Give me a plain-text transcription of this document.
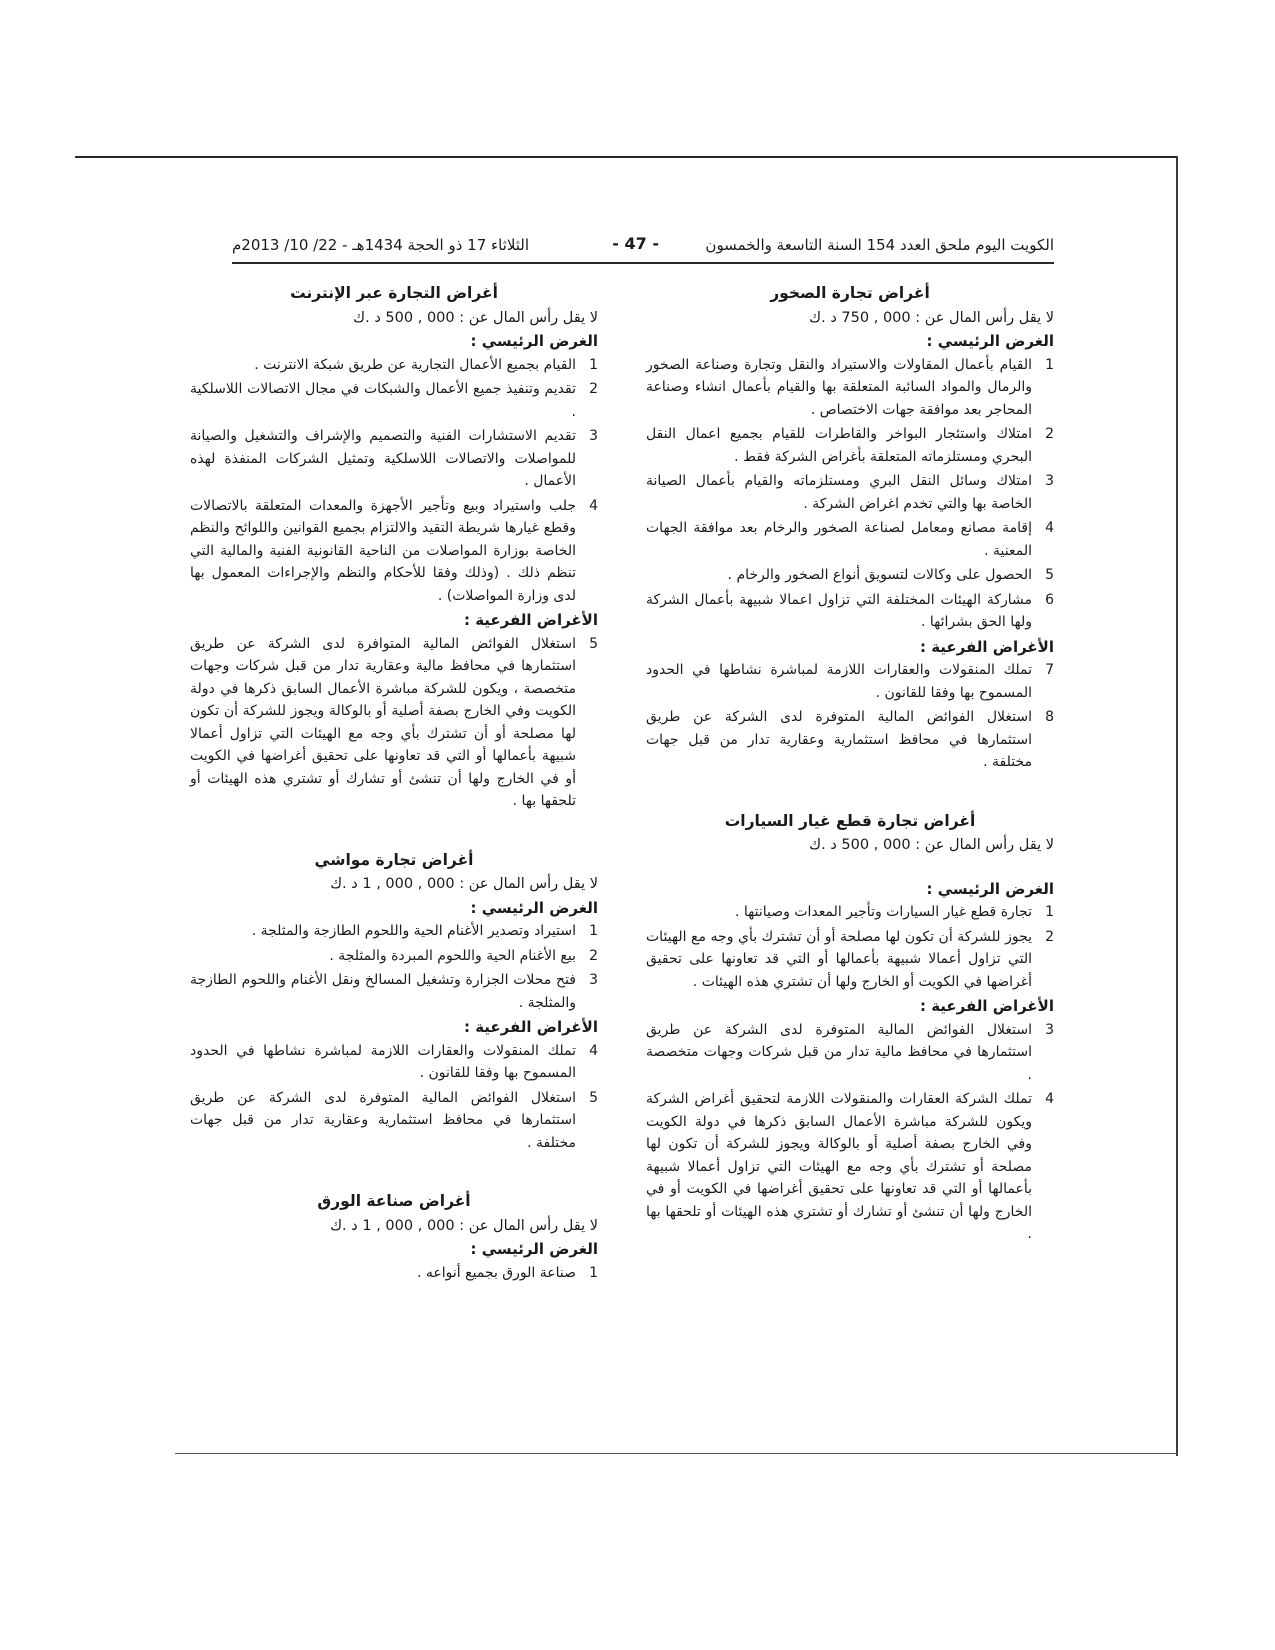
الكويت اليوم ملحق العدد 154 السنة التاسعة والخمسون
- 47 -
الثلاثاء 17 ذو الحجة 1434هـ - 22/ 10/ 2013م
أغراض تجارة الصخور
لا يقل رأس المال عن : 000 , 750 د .ك
الغرض الرئيسي :
1
القيام بأعمال المقاولات والاستيراد والنقل وتجارة وصناعة الصخور والرمال والمواد السائبة المتعلقة بها والقيام بأعمال انشاء وصناعة المحاجر بعد موافقة جهات الاختصاص .
2
امتلاك واستئجار البواخر والقاطرات للقيام بجميع اعمال النقل البحري ومستلزماته المتعلقة بأغراض الشركة فقط .
3
امتلاك وسائل النقل البري ومستلزماته والقيام بأعمال الصيانة الخاصة بها والتي تخدم اغراض الشركة .
4
إقامة مصانع ومعامل لصناعة الصخور والرخام بعد موافقة الجهات المعنية .
5
الحصول على وكالات لتسويق أنواع الصخور والرخام .
6
مشاركة الهيئات المختلفة التي تزاول اعمالا شبيهة بأعمال الشركة ولها الحق بشرائها .
الأغراض الفرعية :
7
تملك المنقولات والعقارات اللازمة لمباشرة نشاطها في الحدود المسموح بها وفقا للقانون .
8
استغلال الفوائض المالية المتوفرة لدى الشركة عن طريق استثمارها في محافظ استثمارية وعقارية تدار من قبل جهات مختلفة .
أغراض تجارة قطع غيار السيارات
لا يقل رأس المال عن : 000 , 500 د .ك
الغرض الرئيسي :
1
تجارة قطع غيار السيارات وتأجير المعدات وصيانتها .
2
يجوز للشركة أن تكون لها مصلحة أو أن تشترك بأي وجه مع الهيئات التي تزاول أعمالا شبيهة بأعمالها أو التي قد تعاونها على تحقيق أغراضها في الكويت أو الخارج ولها أن تشتري هذه الهيئات .
الأغراض الفرعية :
3
استغلال الفوائض المالية المتوفرة لدى الشركة عن طريق استثمارها في محافظ مالية تدار من قبل شركات وجهات متخصصة .
4
تملك الشركة العقارات والمنقولات اللازمة لتحقيق أغراض الشركة ويكون للشركة مباشرة الأعمال السابق ذكرها في دولة الكويت وفي الخارج بصفة أصلية أو بالوكالة ويجوز للشركة أن تكون لها مصلحة أو تشترك بأي وجه مع الهيئات التي تزاول أعمالا شبيهة بأعمالها أو التي قد تعاونها على تحقيق أغراضها في الكويت أو في الخارج ولها أن تنشئ أو تشارك أو تشتري هذه الهيئات أو تلحقها بها .
أغراض التجارة عبر الإنترنت
لا يقل رأس المال عن : 000 , 500 د .ك
الغرض الرئيسي :
1
القيام بجميع الأعمال التجارية عن طريق شبكة الانترنت .
2
تقديم وتنفيذ جميع الأعمال والشبكات في مجال الاتصالات اللاسلكية .
3
تقديم الاستشارات الفنية والتصميم والإشراف والتشغيل والصيانة للمواصلات والاتصالات اللاسلكية وتمثيل الشركات المنفذة لهذه الأعمال .
4
جلب واستيراد وبيع وتأجير الأجهزة والمعدات المتعلقة بالاتصالات وقطع غيارها شريطة التقيد والالتزام بجميع القوانين واللوائح والنظم الخاصة بوزارة المواصلات من الناحية القانونية الفنية والمالية التي تنظم ذلك . (وذلك وفقا للأحكام والنظم والإجراءات المعمول بها لدى وزارة المواصلات) .
الأغراض الفرعية :
5
استغلال الفوائض المالية المتوافرة لدى الشركة عن طريق استثمارها في محافظ مالية وعقارية تدار من قبل شركات وجهات متخصصة ، ويكون للشركة مباشرة الأعمال السابق ذكرها في دولة الكويت وفي الخارج بصفة أصلية أو بالوكالة ويجوز للشركة أن تكون لها مصلحة أو أن تشترك بأي وجه مع الهيئات التي تزاول أعمالا شبيهة بأعمالها أو التي قد تعاونها على تحقيق أغراضها في الكويت أو في الخارج ولها أن تنشئ أو تشارك أو تشتري هذه الهيئات أو تلحقها بها .
أغراض تجارة مواشي
لا يقل رأس المال عن : 000 , 000 , 1 د .ك
الغرض الرئيسي :
1
استيراد وتصدير الأغنام الحية واللحوم الطازجة والمثلجة .
2
بيع الأغنام الحية واللحوم المبردة والمثلجة .
3
فتح محلات الجزارة وتشغيل المسالخ ونقل الأغنام واللحوم الطازجة والمثلجة .
الأغراض الفرعية :
4
تملك المنقولات والعقارات اللازمة لمباشرة نشاطها في الحدود المسموح بها وفقا للقانون .
5
استغلال الفوائض المالية المتوفرة لدى الشركة عن طريق استثمارها في محافظ استثمارية وعقارية تدار من قبل جهات مختلفة .
أغراض صناعة الورق
لا يقل رأس المال عن : 000 , 000 , 1 د .ك
الغرض الرئيسي :
1
صناعة الورق بجميع أنواعه .
